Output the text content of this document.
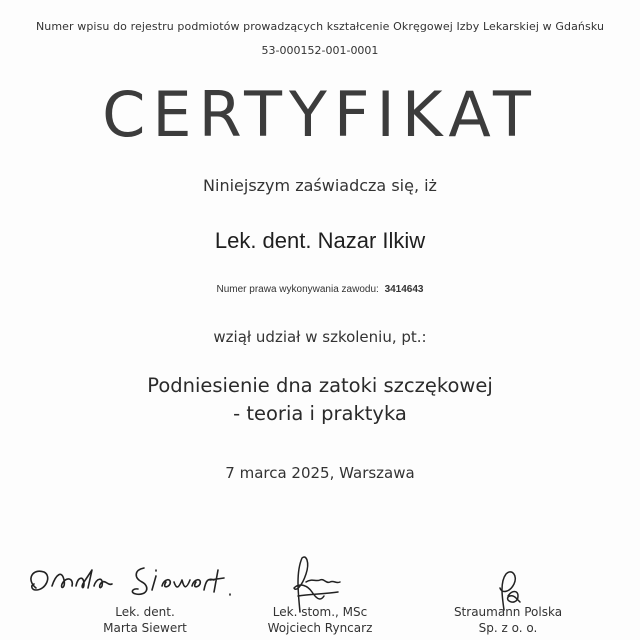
Numer wpisu do rejestru podmiotów prowadzących kształcenie Okręgowej Izby Lekarskiej w Gdańsku
53-000152-001-0001
CERTYFIKAT
Niniejszym zaświadcza się, iż
Lek. dent. Nazar Ilkiw
Numer prawa wykonywania zawodu: 3414643
wziął udział w szkoleniu, pt.:
Podniesienie dna zatoki szczękowej
- teoria i praktyka
7 marca 2025, Warszawa
Lek. dent.
Marta Siewert
Lek. stom., MSc
Wojciech Ryncarz
Straumann Polska
Sp. z o. o.
